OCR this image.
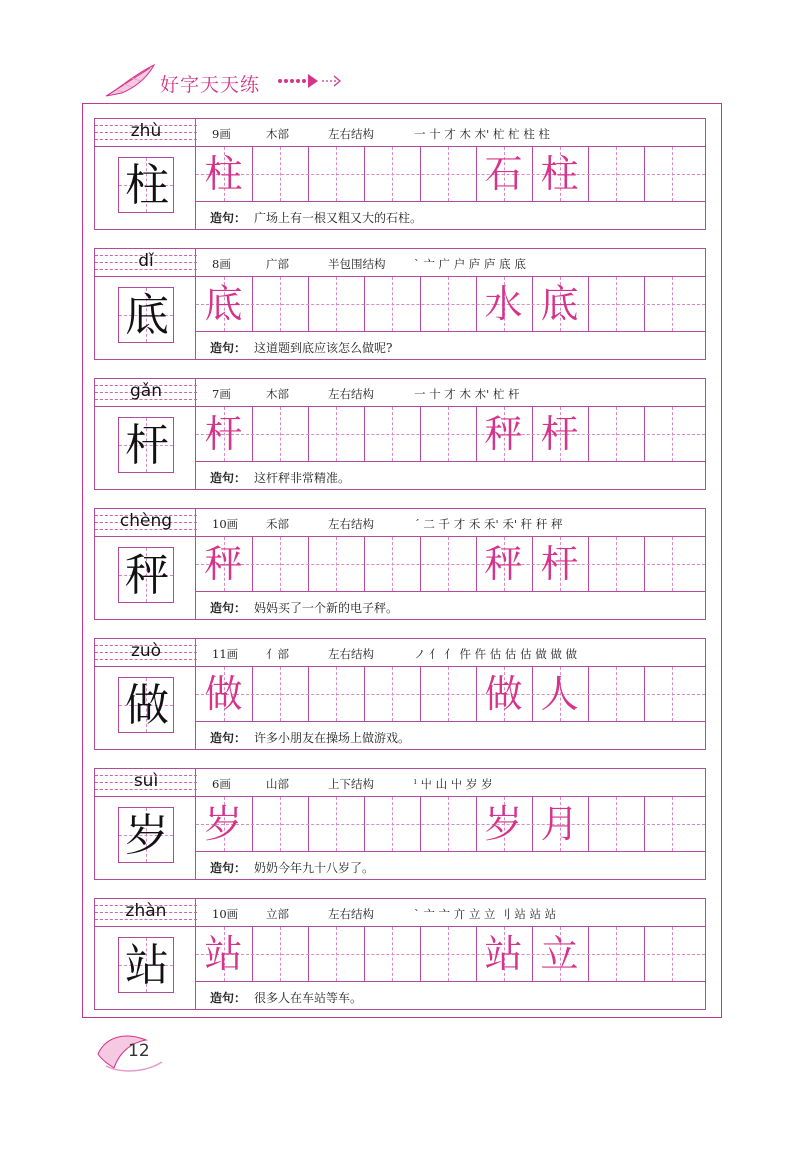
好字天天练
zhù
柱
9画	木部	左右结构	一 十 才 木 木' 杧 杧 柱 柱
柱	石 柱
造句： 广场上有一根又粗又大的石柱。
dǐ
底
8画	广部	半包围结构 ` 亠 广 户 庐 庐 底 底
底	水 底
造句： 这道题到底应该怎么做呢?
gǎn
杆
7画	木部	左右结构	一 十 才 木 木' 杧 杆
杆	秤 杆
造句： 这杆秤非常精准。
chèng
秤
10画 禾部	左右结构	ˊ 二 千 才 禾 禾' 禾' 秆 秆 秤
秤	秤 杆
造句： 妈妈买了一个新的电子秤。
zuò
做
11画 亻部	左右结构	ノ 亻 亻 仵 仵 估 估 估 做 做 做
做	做 人
造句： 许多小朋友在操场上做游戏。
suì
岁
6画	山部	上下结构	ˡ 屮 山 屮 岁 岁
岁	岁 月
造句： 奶奶今年九十八岁了。
zhàn
站
10画 立部	左右结构	` 亠 亠 亣 立 立 刂 站 站 站
站	站 立
造句： 很多人在车站等车。
12
